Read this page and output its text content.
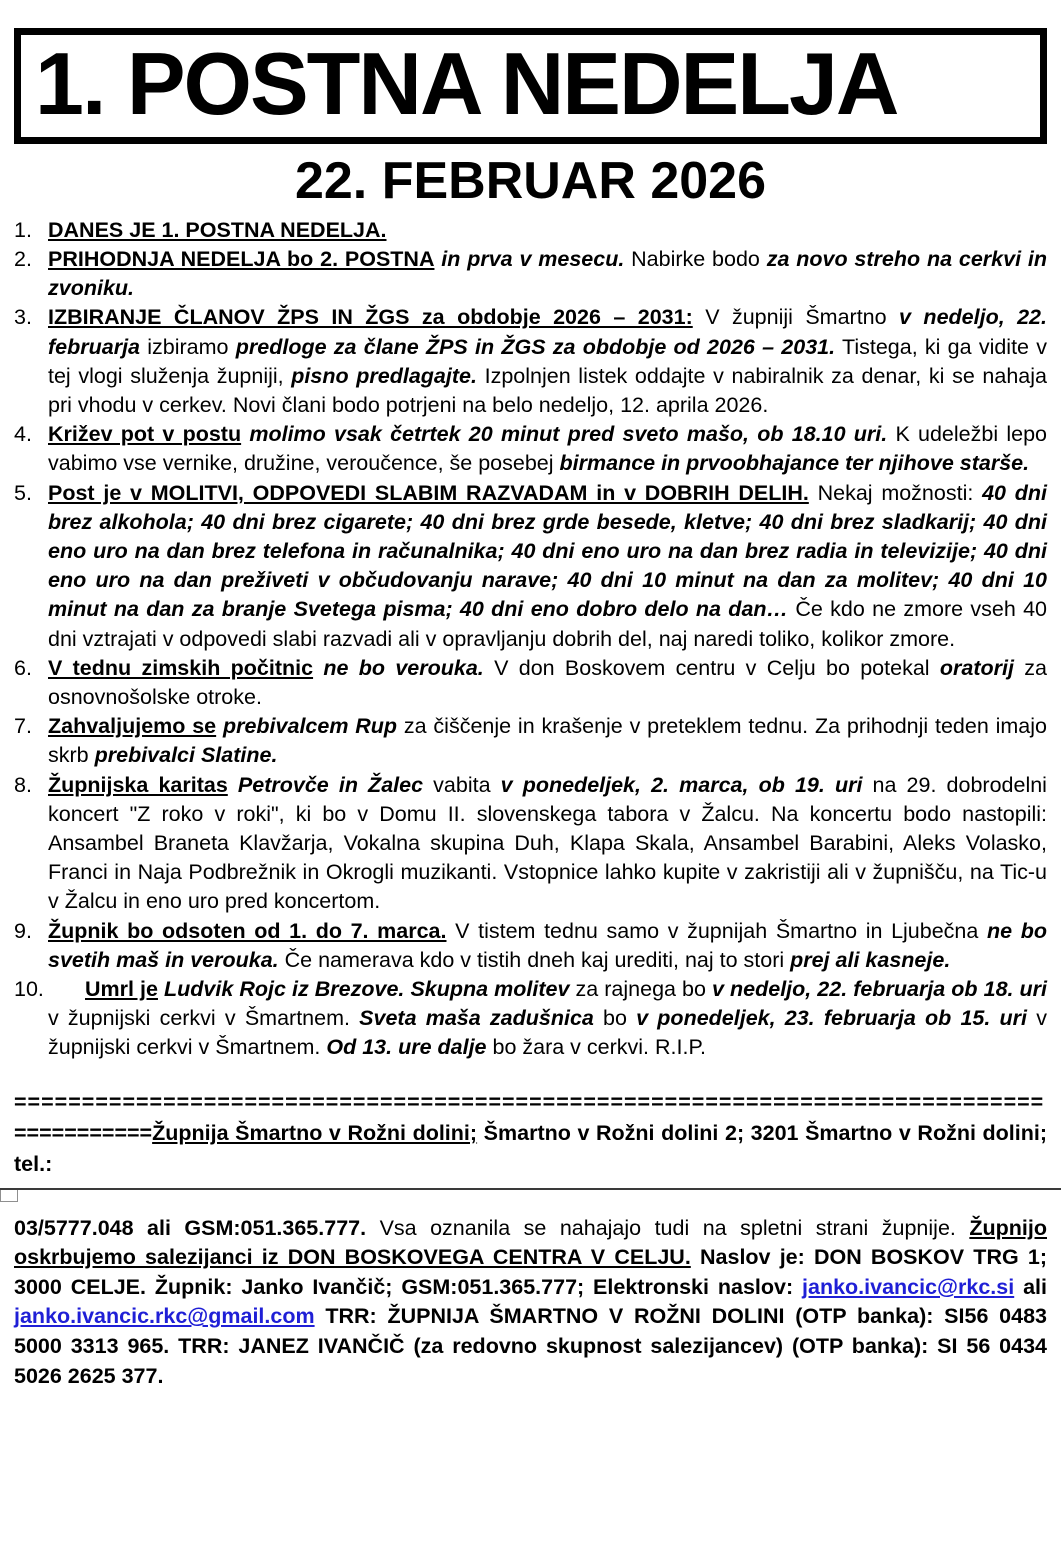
1. POSTNA NEDELJA
22. FEBRUAR 2026
1. DANES JE 1. POSTNA NEDELJA.
2. PRIHODNJA NEDELJA bo 2. POSTNA in prva v mesecu. Nabirke bodo za novo streho na cerkvi in zvoniku.
3. IZBIRANJE ČLANOV ŽPS IN ŽGS za obdobje 2026 – 2031: V župniji Šmartno v nedeljo, 22. februarja izbiramo predloge za člane ŽPS in ŽGS za obdobje od 2026 – 2031. Tistega, ki ga vidite v tej vlogi služenja župniji, pisno predlagajte. Izpolnjen listek oddajte v nabiralnik za denar, ki se nahaja pri vhodu v cerkev. Novi člani bodo potrjeni na belo nedeljo, 12. aprila 2026.
4. Križev pot v postu molimo vsak četrtek 20 minut pred sveto mašo, ob 18.10 uri. K udeležbi lepo vabimo vse vernike, družine, veroučence, še posebej birmance in prvoobhajance ter njihove starše.
5. Post je v MOLITVI, ODPOVEDI SLABIM RAZVADAM in v DOBRIH DELIH. Nekaj možnosti: 40 dni brez alkohola; 40 dni brez cigarete; 40 dni brez grde besede, kletve; 40 dni brez sladkarij; 40 dni eno uro na dan brez telefona in računalnika; 40 dni eno uro na dan brez radia in televizije; 40 dni eno uro na dan preživeti v občudovanju narave; 40 dni 10 minut na dan za molitev; 40 dni 10 minut na dan za branje Svetega pisma; 40 dni eno dobro delo na dan… Če kdo ne zmore vseh 40 dni vztrajati v odpovedi slabi razvadi ali v opravljanju dobrih del, naj naredi toliko, kolikor zmore.
6. V tednu zimskih počitnic ne bo verouka. V don Boskovem centru v Celju bo potekal oratorij za osnovnošolske otroke.
7. Zahvaljujemo se prebivalcem Rup za čiščenje in krašenje v preteklem tednu. Za prihodnji teden imajo skrb prebivalci Slatine.
8. Župnijska karitas Petrovče in Žalec vabita v ponedeljek, 2. marca, ob 19. uri na 29. dobrodelni koncert "Z roko v roki", ki bo v Domu II. slovenskega tabora v Žalcu. Na koncertu bodo nastopili: Ansambel Braneta Klavžarja, Vokalna skupina Duh, Klapa Skala, Ansambel Barabini, Aleks Volasko, Franci in Naja Podbrežnik in Okrogli muzikanti. Vstopnice lahko kupite v zakristiji ali v župnišču, na Tic-u v Žalcu in eno uro pred koncertom.
9. Župnik bo odsoten od 1. do 7. marca. V tistem tednu samo v župnijah Šmartno in Ljubečna ne bo svetih maš in verouka. Če namerava kdo v tistih dneh kaj urediti, naj to stori prej ali kasneje.
10.	Umrl je Ludvik Rojc iz Brezove. Skupna molitev za rajnega bo v nedeljo, 22. februarja ob 18. uri v župnijski cerkvi v Šmartnem. Sveta maša zadušnica bo v ponedeljek, 23. februarja ob 15. uri v župnijski cerkvi v Šmartnem. Od 13. ure dalje bo žara v cerkvi. R.I.P.
============================================================================
===========Župnija Šmartno v Rožni dolini; Šmartno v Rožni dolini 2; 3201 Šmartno v Rožni dolini; tel.:
03/5777.048 ali GSM:051.365.777. Vsa oznanila se nahajajo tudi na spletni strani župnije. Župnijo oskrbujemo salezijanci iz DON BOSKOVEGA CENTRA V CELJU. Naslov je: DON BOSKOV TRG 1; 3000 CELJE. Župnik: Janko Ivančič; GSM:051.365.777; Elektronski naslov: janko.ivancic@rkc.si ali janko.ivancic.rkc@gmail.com TRR: ŽUPNIJA ŠMARTNO V ROŽNI DOLINI (OTP banka): SI56 0483 5000 3313 965. TRR: JANEZ IVANČIČ (za redovno skupnost salezijancev) (OTP banka): SI 56 0434 5026 2625 377.
